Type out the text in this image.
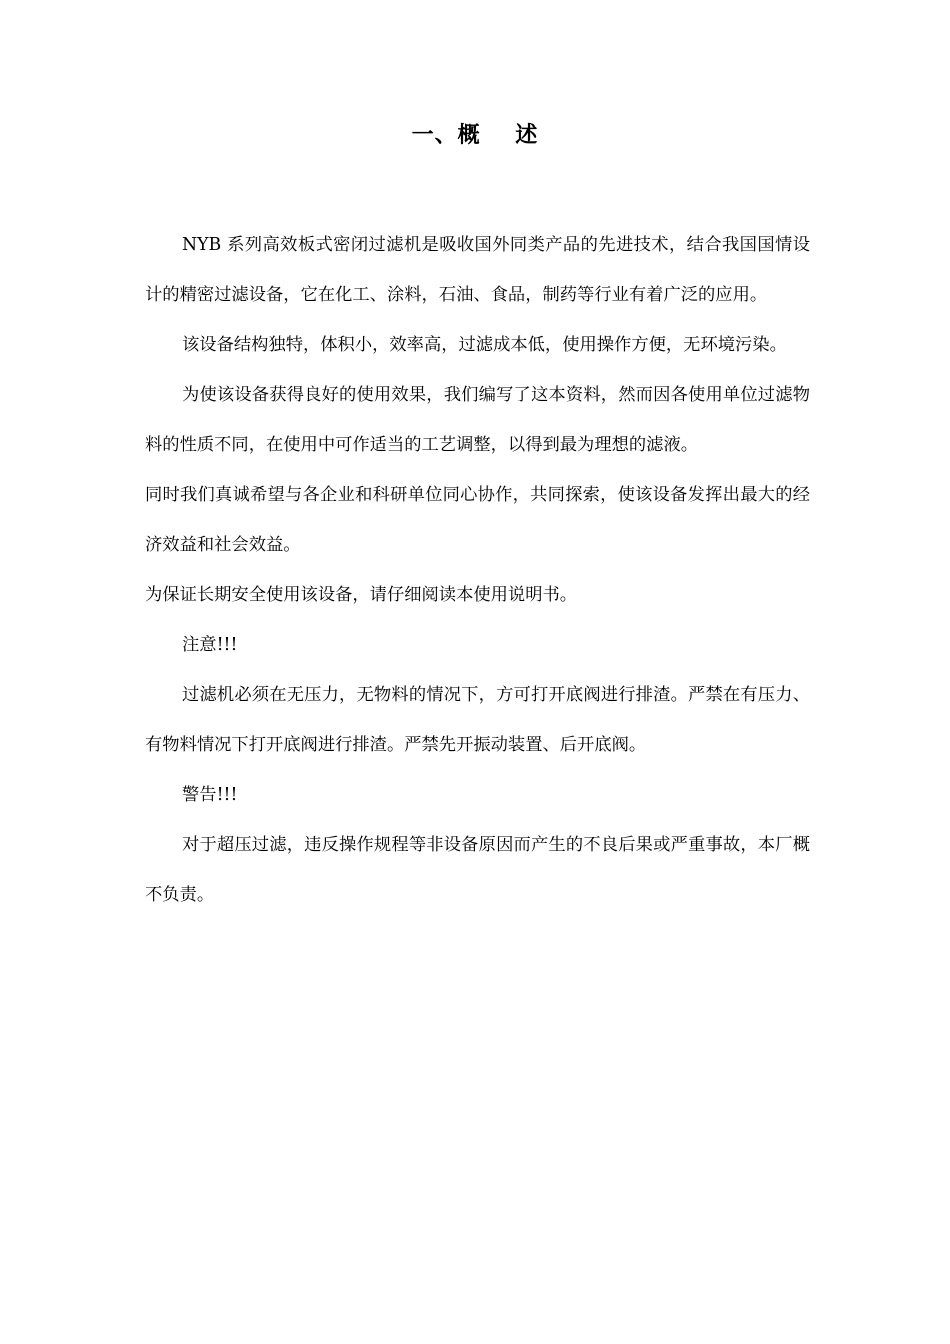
一、概    述

NYB 系列高效板式密闭过滤机是吸收国外同类产品的先进技术，结合我国国情设计的精密过滤设备，它在化工、涂料，石油、食品，制药等行业有着广泛的应用。

该设备结构独特，体积小，效率高，过滤成本低，使用操作方便，无环境污染。

为使该设备获得良好的使用效果，我们编写了这本资料，然而因各使用单位过滤物料的性质不同，在使用中可作适当的工艺调整，以得到最为理想的滤液。

同时我们真诚希望与各企业和科研单位同心协作，共同探索，使该设备发挥出最大的经济效益和社会效益。

为保证长期安全使用该设备，请仔细阅读本使用说明书。

注意!!!

过滤机必须在无压力，无物料的情况下，方可打开底阀进行排渣。严禁在有压力、有物料情况下打开底阀进行排渣。严禁先开振动装置、后开底阀。

警告!!!

对于超压过滤，违反操作规程等非设备原因而产生的不良后果或严重事故，本厂概不负责。
